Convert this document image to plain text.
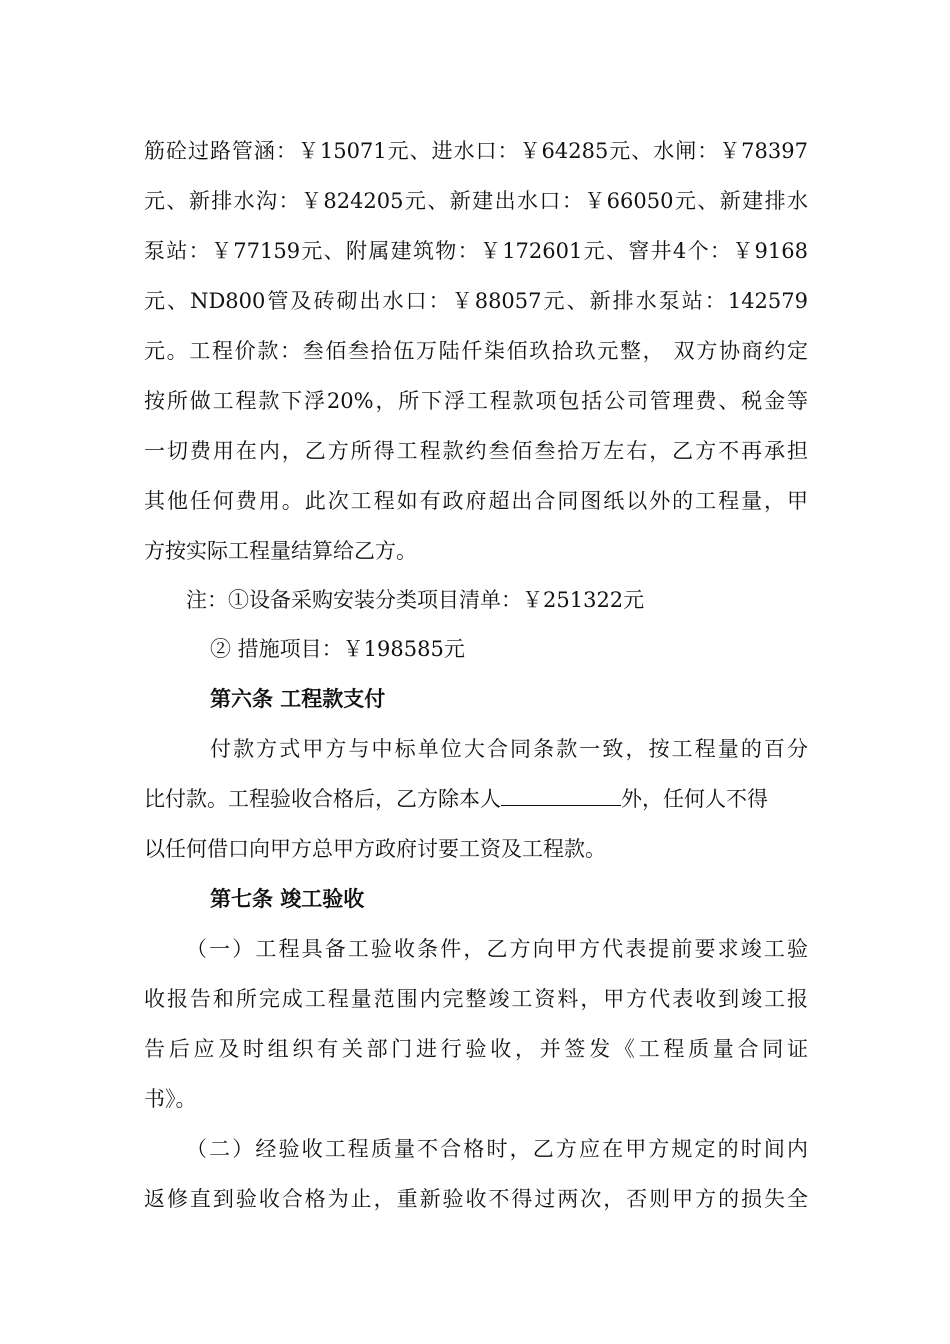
筋砼过路管涵：￥15071元、进水口：￥64285元、水闸：￥78397
元、新排水沟：￥824205元、新建出水口：￥66050元、新建排水
泵站：￥77159元、附属建筑物：￥172601元、窨井4个：￥9168
元、ND800管及砖砌出水口：￥88057元、新排水泵站：142579
元。工程价款：叁佰叁拾伍万陆仟柒佰玖拾玖元整， 双方协商约定
按所做工程款下浮20%，所下浮工程款项包括公司管理费、税金等
一切费用在内，乙方所得工程款约叁佰叁拾万左右，乙方不再承担
其他任何费用。此次工程如有政府超出合同图纸以外的工程量，甲
方按实际工程量结算给乙方。
注：①设备采购安装分类项目清单：￥251322元
② 措施项目：￥198585元
第六条 工程款支付
付款方式甲方与中标单位大合同条款一致，按工程量的百分
比付款。工程验收合格后，乙方除本人	外，任何人不得
以任何借口向甲方总甲方政府讨要工资及工程款。
第七条 竣工验收
（一）工程具备工验收条件，乙方向甲方代表提前要求竣工验
收报告和所完成工程量范围内完整竣工资料，甲方代表收到竣工报
告后应及时组织有关部门进行验收，并签发《工程质量合同证
书》。
（二）经验收工程质量不合格时，乙方应在甲方规定的时间内
返修直到验收合格为止，重新验收不得过两次，否则甲方的损失全
